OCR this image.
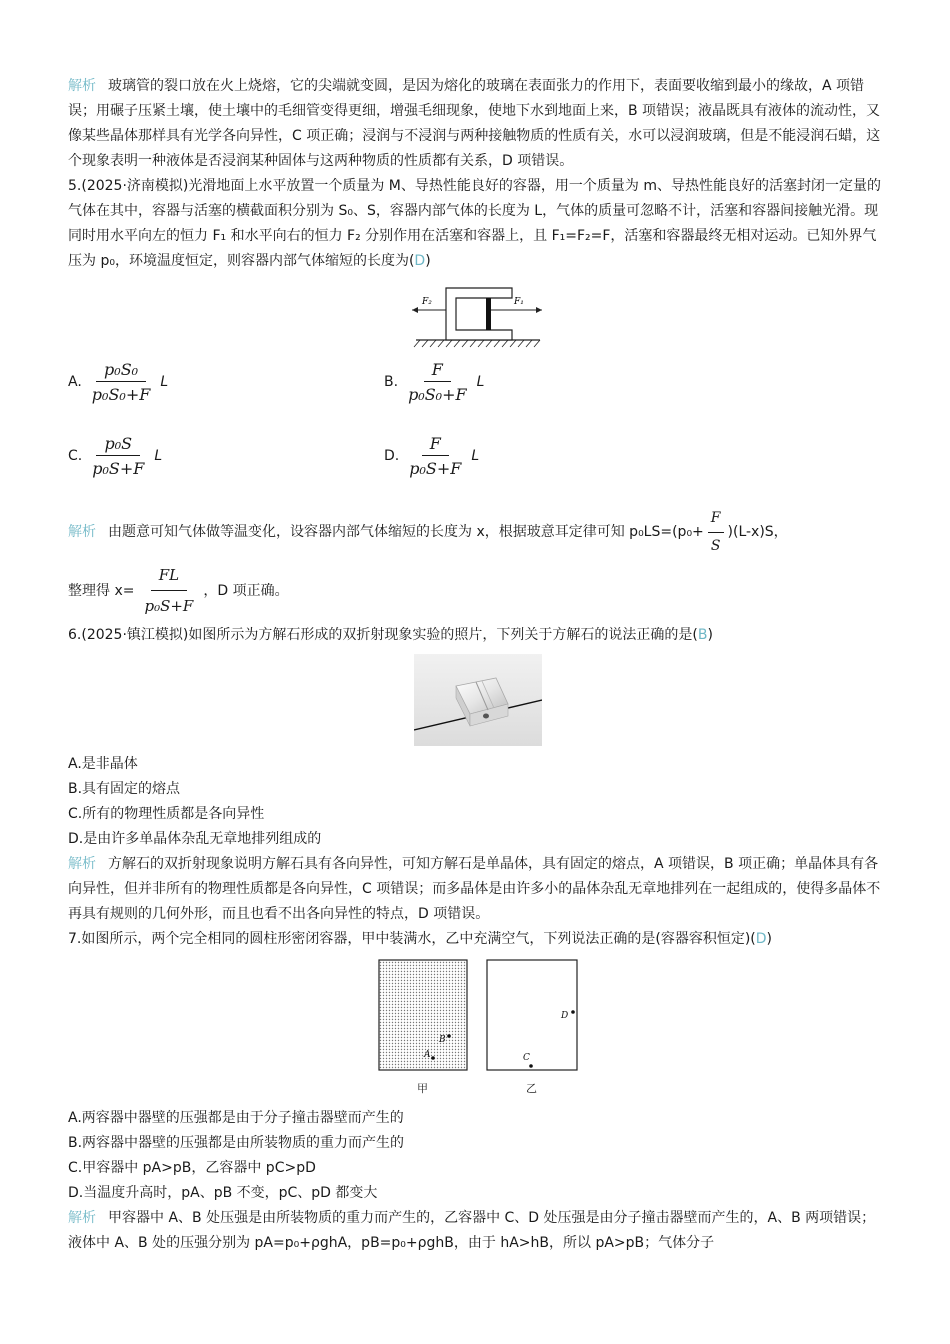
解析 玻璃管的裂口放在火上烧熔，它的尖端就变圆，是因为熔化的玻璃在表面张力的作用下，表面要收缩到最小的缘故，A 项错误；用碾子压紧土壤，使土壤中的毛细管变得更细，增强毛细现象，使地下水到地面上来，B 项错误；液晶既具有液体的流动性，又像某些晶体那样具有光学各向异性，C 项正确；浸润与不浸润与两种接触物质的性质有关，水可以浸润玻璃，但是不能浸润石蜡，这个现象表明一种液体是否浸润某种固体与这两种物质的性质都有关系，D 项错误。

5.(2025·济南模拟)光滑地面上水平放置一个质量为 M、导热性能良好的容器，用一个质量为 m、导热性能良好的活塞封闭一定量的气体在其中，容器与活塞的横截面积分别为 S₀、S，容器内部气体的长度为 L，气体的质量可忽略不计，活塞和容器间接触光滑。现同时用水平向左的恒力 F₁ 和水平向右的恒力 F₂ 分别作用在活塞和容器上，且 F₁=F₂=F，活塞和容器最终无相对运动。已知外界气压为 p₀，环境温度恒定，则容器内部气体缩短的长度为(D)

F₂	F₁
A. $\frac{\text{p₀S₀}}{\text{p₀S₀+F}}$ L	B. $\frac{F}{\text{p₀S₀+F}}$ L
C. $\frac{\text{p₀S}}{\text{p₀S+F}}$ L	D. $\frac{F}{\text{p₀S+F}}$ L

解析 由题意可知气体做等温变化，设容器内部气体缩短的长度为 x，根据玻意耳定律可知 $p_0LS=(p_0+ \frac{F}{S} )(L-x)S$，

整理得 $x= \frac{FL}{\text{p₀S+F}}$ ，D 项正确。

6.(2025·镇江模拟)如图所示为方解石形成的双折射现象实验的照片，下列关于方解石的说法正确的是(B)

A.是非晶体

B.具有固定的熔点

C.所有的物理性质都是各向异性

D.是由许多单晶体杂乱无章地排列组成的

解析 方解石的双折射现象说明方解石具有各向异性，可知方解石是单晶体，具有固定的熔点，A 项错误，B 项正确；单晶体具有各向异性，但并非所有的物理性质都是各向异性，C 项错误；而多晶体是由许多小的晶体杂乱无章地排列在一起组成的，使得多晶体不再具有规则的几何外形，而且也看不出各向异性的特点，D 项错误。

7.如图所示，两个完全相同的圆柱形密闭容器，甲中装满水，乙中充满空气，下列说法正确的是(容器容积恒定)(D)

B
A
D
C
甲	乙

A.两容器中器壁的压强都是由于分子撞击器壁而产生的

B.两容器中器壁的压强都是由所装物质的重力而产生的

C.甲容器中 pA>pB，乙容器中 pC>pD

D.当温度升高时，pA、pB 不变，pC、pD 都变大

解析 甲容器中 A、B 处压强是由所装物质的重力而产生的，乙容器中 C、D 处压强是由分子撞击器壁而产生的，A、B 两项错误；液体中 A、B 处的压强分别为 pA=p₀+ρghA，pB=p₀+ρghB，由于 hA>hB，所以 pA>pB；气体分子
